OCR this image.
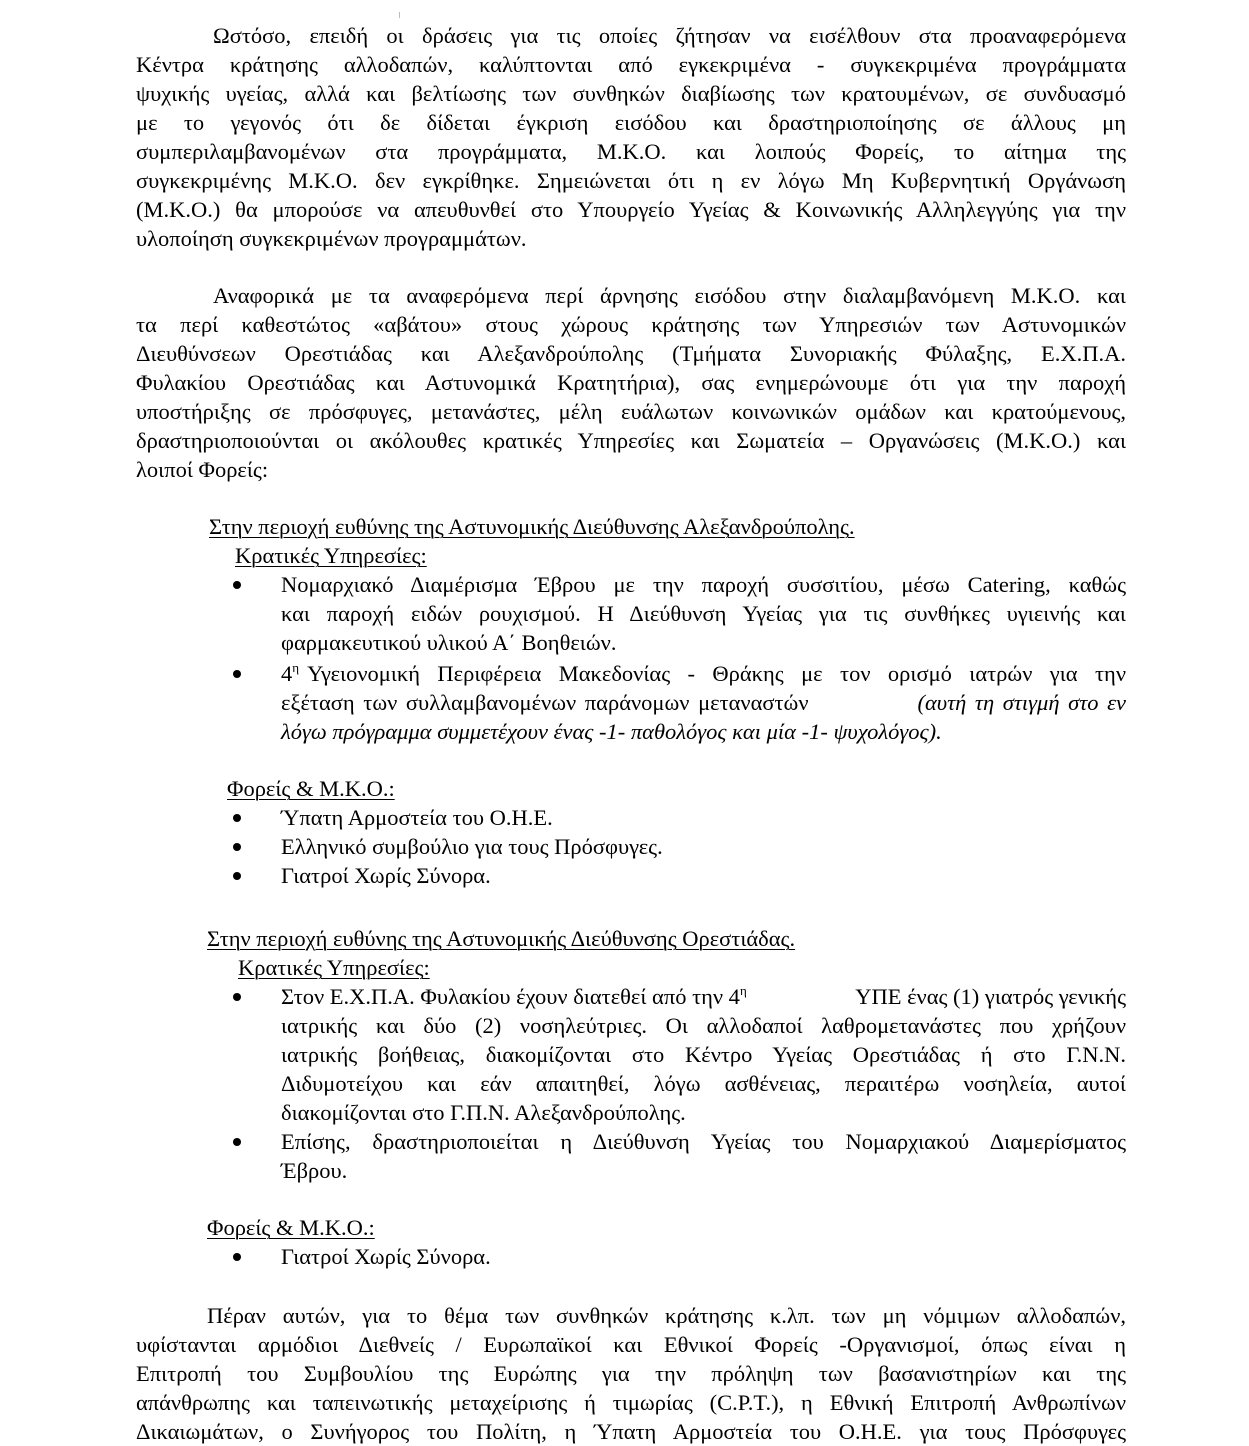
Ωστόσο, επειδή οι δράσεις για τις οποίες ζήτησαν να εισέλθουν στα προαναφερόμενα
Κέντρα κράτησης αλλοδαπών, καλύπτονται από εγκεκριμένα - συγκεκριμένα προγράμματα
ψυχικής υγείας, αλλά και βελτίωσης των συνθηκών διαβίωσης των κρατουμένων, σε συνδυασμό
με το γεγονός ότι δε δίδεται έγκριση εισόδου και δραστηριοποίησης σε άλλους μη
συμπεριλαμβανομένων στα προγράμματα, Μ.Κ.Ο. και λοιπούς Φορείς, το αίτημα της
συγκεκριμένης Μ.Κ.Ο. δεν εγκρίθηκε. Σημειώνεται ότι η εν λόγω Μη Κυβερνητική Οργάνωση
(Μ.Κ.Ο.) θα μπορούσε να απευθυνθεί στο Υπουργείο Υγείας & Κοινωνικής Αλληλεγγύης για την
υλοποίηση συγκεκριμένων προγραμμάτων.
Αναφορικά με τα αναφερόμενα περί άρνησης εισόδου στην διαλαμβανόμενη Μ.Κ.Ο. και
τα περί καθεστώτος «αβάτου» στους χώρους κράτησης των Υπηρεσιών των Αστυνομικών
Διευθύνσεων Ορεστιάδας και Αλεξανδρούπολης (Τμήματα Συνοριακής Φύλαξης, Ε.Χ.Π.Α.
Φυλακίου Ορεστιάδας και Αστυνομικά Κρατητήρια), σας ενημερώνουμε ότι για την παροχή
υποστήριξης σε πρόσφυγες, μετανάστες, μέλη ευάλωτων κοινωνικών ομάδων και κρατούμενους,
δραστηριοποιούνται οι ακόλουθες κρατικές Υπηρεσίες και Σωματεία – Οργανώσεις (Μ.Κ.Ο.) και
λοιποί Φορείς:
Στην περιοχή ευθύνης της Αστυνομικής Διεύθυνσης Αλεξανδρούπολης.
Κρατικές Υπηρεσίες:
Νομαρχιακό Διαμέρισμα Έβρου με την παροχή συσσιτίου, μέσω Catering, καθώς
και παροχή ειδών ρουχισμού. Η Διεύθυνση Υγείας για τις συνθήκες υγιεινής και
φαρμακευτικού υλικού Α΄ Βοηθειών.
$4^\eta$ Υγειονομική Περιφέρεια Μακεδονίας - Θράκης με τον ορισμό ιατρών για την
εξέταση των συλλαμβανομένων παράνομων μεταναστών	(αυτή τη στιγμή στο εν
λόγω πρόγραμμα συμμετέχουν ένας -1- παθολόγος και μία -1- ψυχολόγος).
Φορείς & Μ.Κ.Ο.:
Ύπατη Αρμοστεία του Ο.Η.Ε.
Ελληνικό συμβούλιο για τους Πρόσφυγες.
Γιατροί Χωρίς Σύνορα.
Στην περιοχή ευθύνης της Αστυνομικής Διεύθυνσης Ορεστιάδας.
Κρατικές Υπηρεσίες:
Στον Ε.Χ.Π.Α. Φυλακίου έχουν διατεθεί από την $4^\eta$	ΥΠΕ ένας (1) γιατρός γενικής
ιατρικής και δύο (2) νοσηλεύτριες. Οι αλλοδαποί λαθρομετανάστες που χρήζουν
ιατρικής βοήθειας, διακομίζονται στο Κέντρο Υγείας Ορεστιάδας ή στο Γ.Ν.Ν.
Διδυμοτείχου και εάν απαιτηθεί, λόγω ασθένειας, περαιτέρω νοσηλεία, αυτοί
διακομίζονται στο Γ.Π.Ν. Αλεξανδρούπολης.
Επίσης, δραστηριοποιείται η Διεύθυνση Υγείας του Νομαρχιακού Διαμερίσματος
Έβρου.
Φορείς & Μ.Κ.Ο.:
Γιατροί Χωρίς Σύνορα.
Πέραν αυτών, για το θέμα των συνθηκών κράτησης κ.λπ. των μη νόμιμων αλλοδαπών,
υφίστανται αρμόδιοι Διεθνείς / Ευρωπαϊκοί και Εθνικοί Φορείς -Οργανισμοί, όπως είναι η
Επιτροπή του Συμβουλίου της Ευρώπης για την πρόληψη των βασανιστηρίων και της
απάνθρωπης και ταπεινωτικής μεταχείρισης ή τιμωρίας (C.P.T.), η Εθνική Επιτροπή Ανθρωπίνων
Δικαιωμάτων, ο Συνήγορος του Πολίτη, η Ύπατη Αρμοστεία του Ο.Η.Ε. για τους Πρόσφυγες
